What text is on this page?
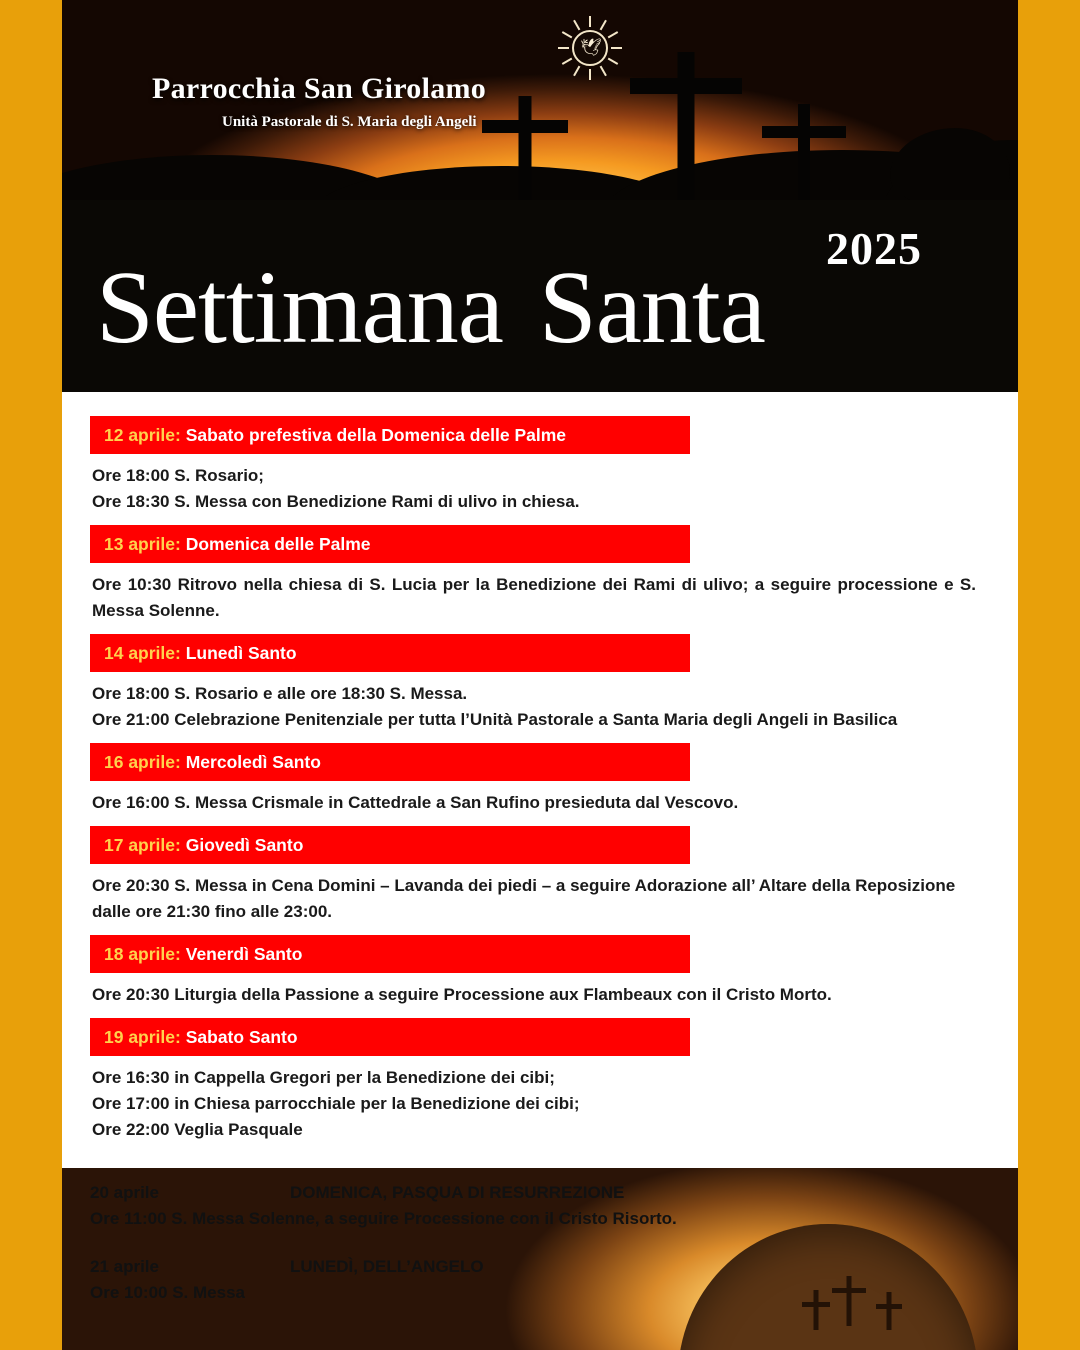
🕊
Parrocchia San Girolamo
Unità Pastorale di S. Maria degli Angeli
2025
Settimana Santa
12 aprile: Sabato prefestiva della Domenica delle Palme

Ore 18:00 S. Rosario;

Ore 18:30 S. Messa con Benedizione Rami di ulivo in chiesa.

13 aprile: Domenica delle Palme

Ore 10:30 Ritrovo nella chiesa di S. Lucia per la Benedizione dei Rami di ulivo; a seguire processione e S. Messa Solenne.

14 aprile: Lunedì Santo

Ore 18:00 S. Rosario e alle ore 18:30 S. Messa.

Ore 21:00 Celebrazione Penitenziale per tutta l’Unità Pastorale a Santa Maria degli Angeli in Basilica

16 aprile: Mercoledì Santo

Ore 16:00 S. Messa Crismale in Cattedrale a San Rufino presieduta dal Vescovo.

17 aprile: Giovedì Santo

Ore 20:30 S. Messa in Cena Domini – Lavanda dei piedi – a seguire Adorazione all’ Altare della Reposizione dalle ore 21:30 fino alle 23:00.

18 aprile: Venerdì Santo

Ore 20:30 Liturgia della Passione a seguire Processione aux Flambeaux con il Cristo Morto.

19 aprile: Sabato Santo

Ore 16:30 in Cappella Gregori per la Benedizione dei cibi;

Ore 17:00 in Chiesa parrocchiale per la Benedizione dei cibi;

Ore 22:00 Veglia Pasquale

20 aprile	DOMENICA, PASQUA DI RESURREZIONE
Ore 11:00 S. Messa Solenne, a seguire Processione con il Cristo Risorto.
21 aprile	LUNEDÌ, DELL’ANGELO
Ore 10:00 S. Messa
